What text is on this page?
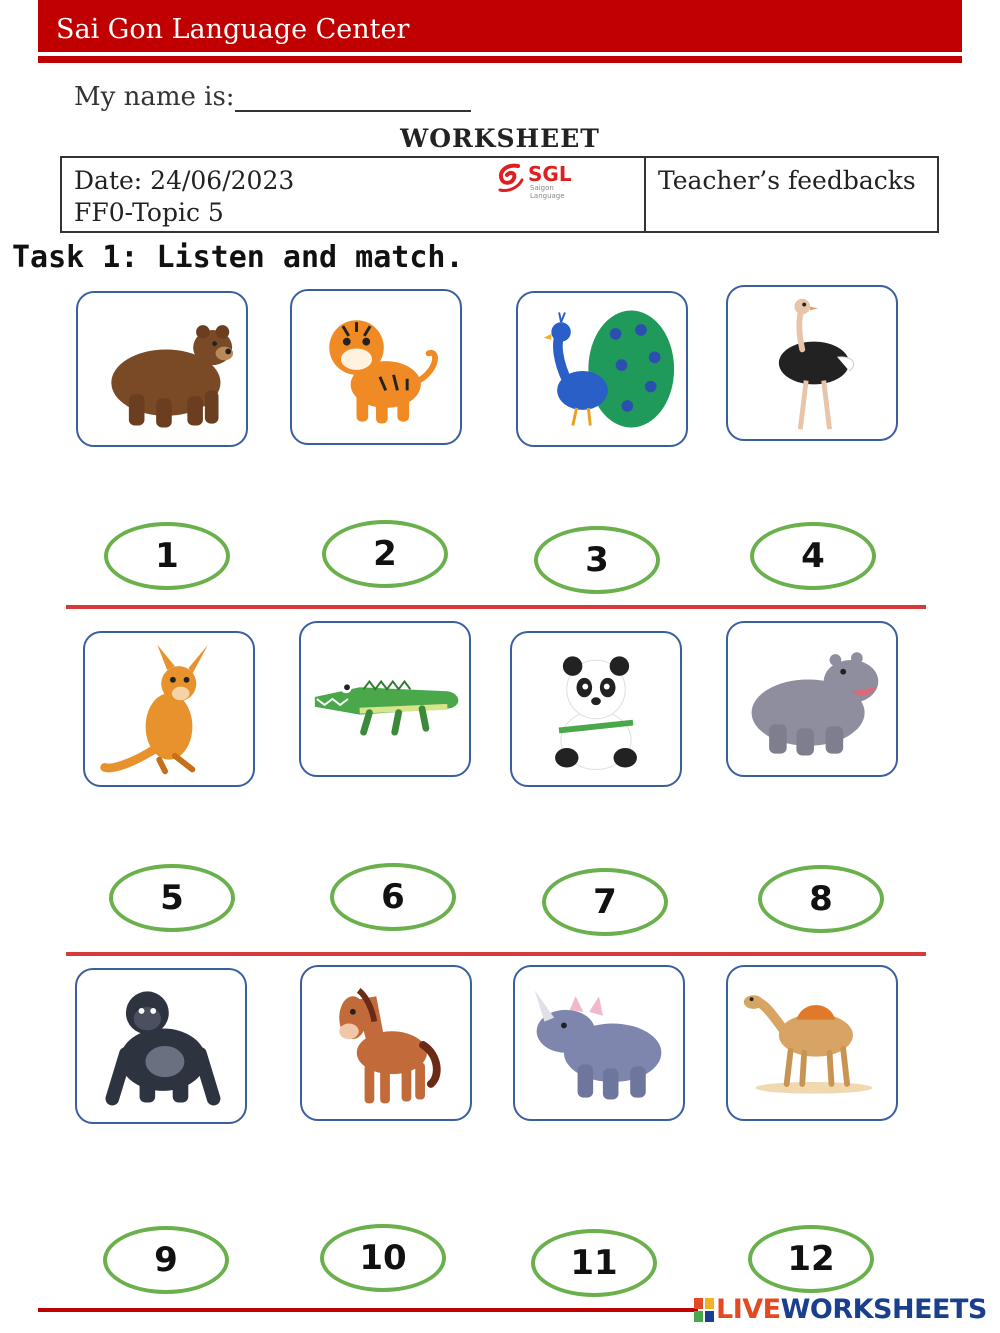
Sai Gon Language Center
My name is:
WORKSHEET
Date: 24/06/2023
FF0-Topic 5
SGL
Saigon Language
Teacher’s feedbacks
Task 1: Listen and match.
1	2	3	4
5	6	7	8
9	10	11	12
LIVEWORKSHEETS
